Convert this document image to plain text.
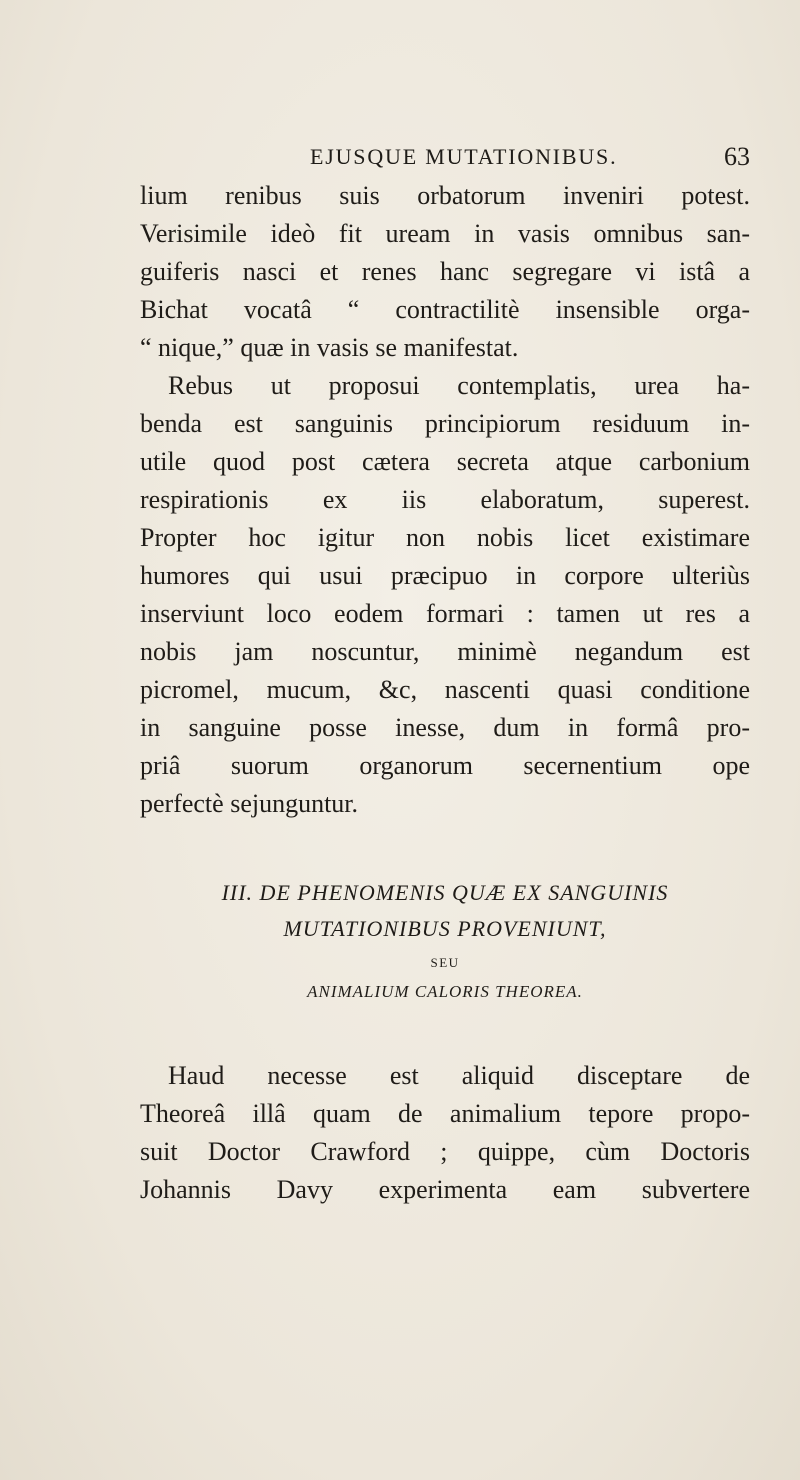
EJUSQUE MUTATIONIBUS.	63
lium renibus suis orbatorum inveniri potest.
Verisimile ideò fit uream in vasis omnibus san-
guiferis nasci et renes hanc segregare vi istâ a
Bichat vocatâ “ contractilitè insensible orga-
“ nique,” quæ in vasis se manifestat.
Rebus ut proposui contemplatis, urea ha-
benda est sanguinis principiorum residuum in-
utile quod post cætera secreta atque carbonium
respirationis ex iis elaboratum, superest.
Propter hoc igitur non nobis licet existimare
humores qui usui præcipuo in corpore ulteriùs
inserviunt loco eodem formari : tamen ut res a
nobis jam noscuntur, minimè negandum est
picromel, mucum, &c, nascenti quasi conditione
in sanguine posse inesse, dum in formâ pro-
priâ suorum organorum secernentium ope
perfectè sejunguntur.
III. DE PHENOMENIS QUÆ EX SANGUINIS
MUTATIONIBUS PROVENIUNT,
SEU
ANIMALIUM CALORIS THEOREA.
Haud necesse est aliquid disceptare de
Theoreâ illâ quam de animalium tepore propo-
suit Doctor Crawford ; quippe, cùm Doctoris
Johannis Davy experimenta eam subvertere
